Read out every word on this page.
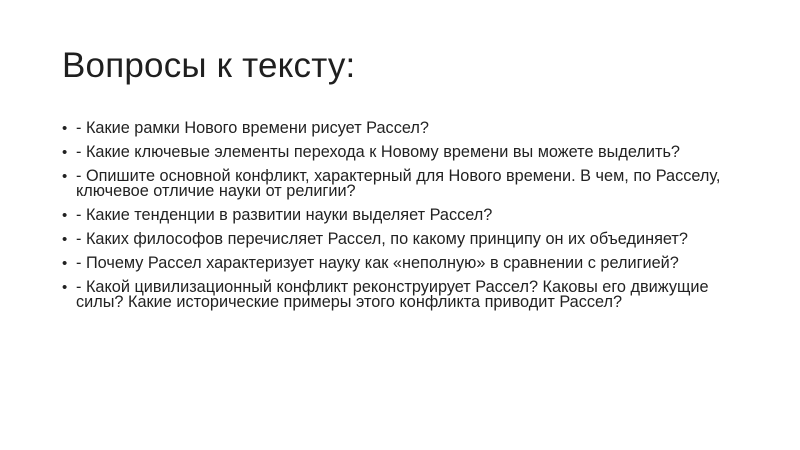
Вопросы к тексту:
• - Какие рамки Нового времени рисует Рассел?
• - Какие ключевые элементы перехода к Новому времени вы можете выделить?
• - Опишите основной конфликт, характерный для Нового времени. В чем, по Расселу, ключевое отличие науки от религии?
• - Какие тенденции в развитии науки выделяет Рассел?
• - Каких философов перечисляет Рассел, по какому принципу он их объединяет?
• - Почему Рассел характеризует науку как «неполную» в сравнении с религией?
• - Какой цивилизационный конфликт реконструирует Рассел? Каковы его движущие силы? Какие исторические примеры этого конфликта приводит Рассел?
